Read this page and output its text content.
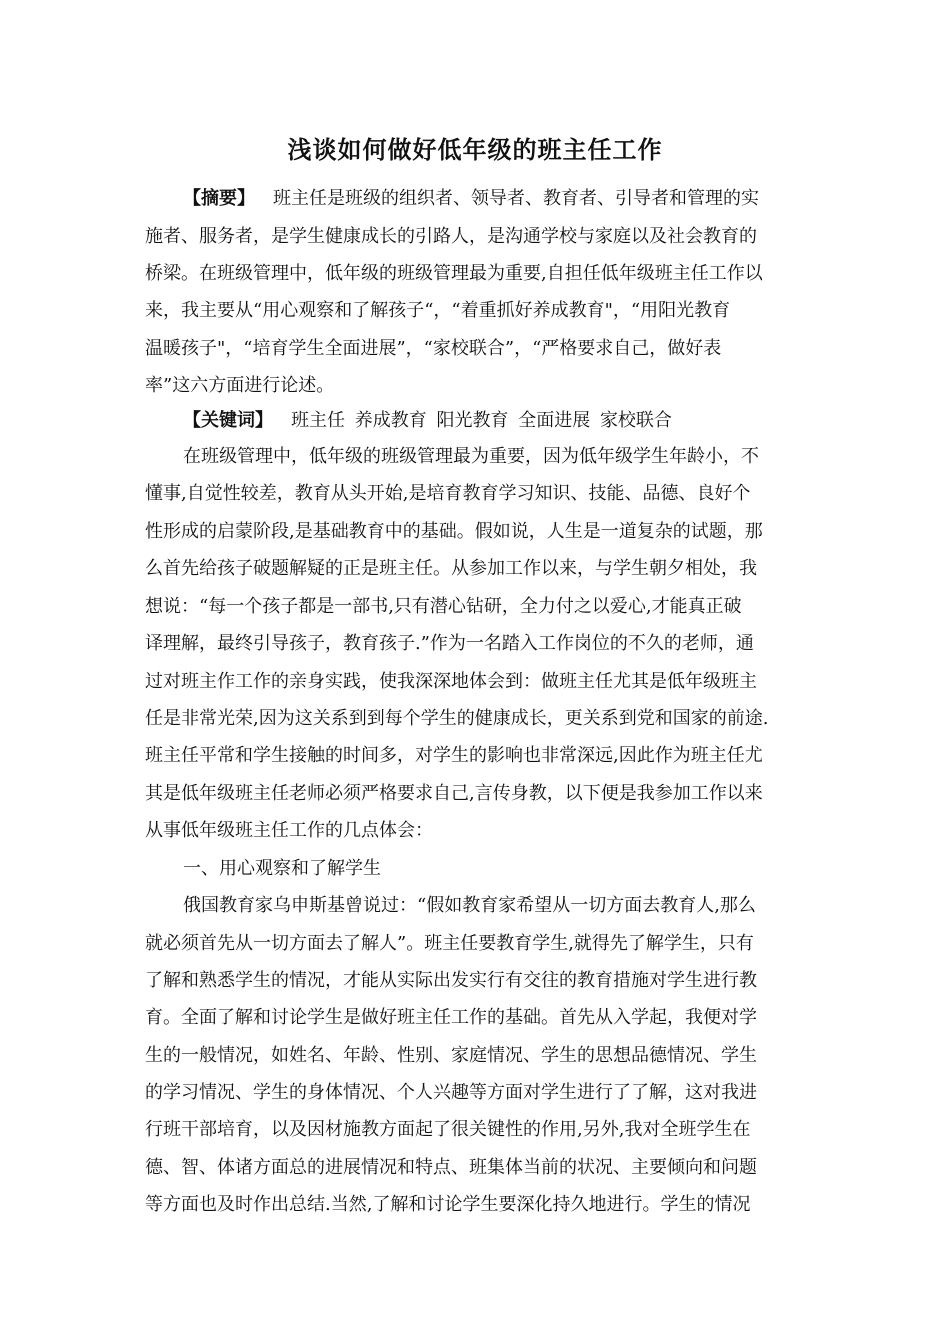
浅谈如何做好低年级的班主任工作
【摘要】 班主任是班级的组织者、领导者、教育者、引导者和管理的实
施者、服务者，是学生健康成长的引路人，是沟通学校与家庭以及社会教育的
桥梁。在班级管理中，低年级的班级管理最为重要,自担任低年级班主任工作以
来，我主要从“用心观察和了解孩子“，“着重抓好养成教育"，“用阳光教育
温暖孩子"，“培育学生全面进展”，“家校联合”，“严格要求自己，做好表
率”这六方面进行论述。
【关键词】 班主任 养成教育 阳光教育 全面进展 家校联合
在班级管理中，低年级的班级管理最为重要，因为低年级学生年龄小，不
懂事,自觉性较差，教育从头开始,是培育教育学习知识、技能、品德、良好个
性形成的启蒙阶段,是基础教育中的基础。假如说，人生是一道复杂的试题，那
么首先给孩子破题解疑的正是班主任。从参加工作以来，与学生朝夕相处，我
想说：“每一个孩子都是一部书,只有潜心钻研，全力付之以爱心,才能真正破
译理解，最终引导孩子，教育孩子.”作为一名踏入工作岗位的不久的老师，通
过对班主作工作的亲身实践，使我深深地体会到：做班主任尤其是低年级班主
任是非常光荣,因为这关系到到每个学生的健康成长，更关系到党和国家的前途.
班主任平常和学生接触的时间多，对学生的影响也非常深远,因此作为班主任尤
其是低年级班主任老师必须严格要求自己,言传身教，以下便是我参加工作以来
从事低年级班主任工作的几点体会：
一、用心观察和了解学生
俄国教育家乌申斯基曾说过：“假如教育家希望从一切方面去教育人,那么
就必须首先从一切方面去了解人”。班主任要教育学生,就得先了解学生，只有
了解和熟悉学生的情况，才能从实际出发实行有交往的教育措施对学生进行教
育。全面了解和讨论学生是做好班主任工作的基础。首先从入学起，我便对学
生的一般情况，如姓名、年龄、性别、家庭情况、学生的思想品德情况、学生
的学习情况、学生的身体情况、个人兴趣等方面对学生进行了了解，这对我进
行班干部培育，以及因材施教方面起了很关键性的作用,另外,我对全班学生在
德、智、体诸方面总的进展情况和特点、班集体当前的状况、主要倾向和问题
等方面也及时作出总结.当然,了解和讨论学生要深化持久地进行。学生的情况
